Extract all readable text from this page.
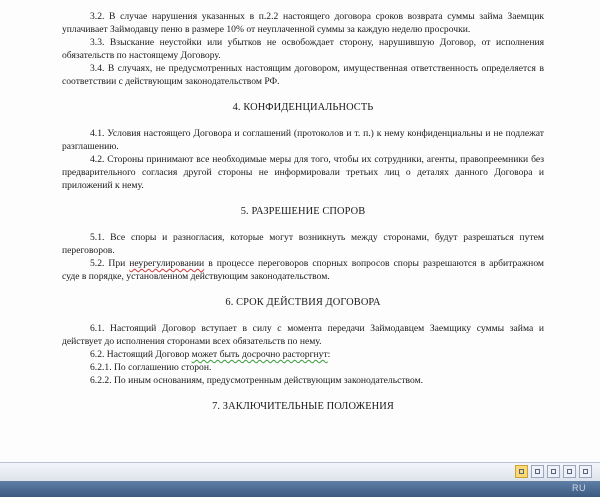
3.2. В случае нарушения указанных в п.2.2 настоящего договора сроков возврата суммы займа Заемщик уплачивает Займодавцу пеню в размере 10% от неуплаченной суммы за каждую неделю просрочки.

3.3. Взыскание неустойки или убытков не освобождает сторону, нарушившую Договор, от исполнения обязательств по настоящему Договору.

3.4. В случаях, не предусмотренных настоящим договором, имущественная ответственность определяется в соответствии с действующим законодательством РФ.

4. КОНФИДЕНЦИАЛЬНОСТЬ

4.1. Условия настоящего Договора и соглашений (протоколов и т. п.) к нему конфиденциальны и не подлежат разглашению.

4.2. Стороны принимают все необходимые меры для того, чтобы их сотрудники, агенты, правопреемники без предварительного согласия другой стороны не информировали третьих лиц о деталях данного Договора и приложений к нему.

5. РАЗРЕШЕНИЕ СПОРОВ

5.1. Все споры и разногласия, которые могут возникнуть между сторонами, будут разрешаться путем переговоров.

5.2. При неурегулировании в процессе переговоров спорных вопросов споры разрешаются в арбитражном суде в порядке, установленном действующим законодательством.

6. СРОК ДЕЙСТВИЯ ДОГОВОРА

6.1. Настоящий Договор вступает в силу с момента передачи Займодавцем Заемщику суммы займа и действует до исполнения сторонами всех обязательств по нему.

6.2. Настоящий Договор может быть досрочно расторгнут:

6.2.1. По соглашению сторон.

6.2.2. По иным основаниям, предусмотренным действующим законодательством.

7. ЗАКЛЮЧИТЕЛЬНЫЕ ПОЛОЖЕНИЯ

RU
